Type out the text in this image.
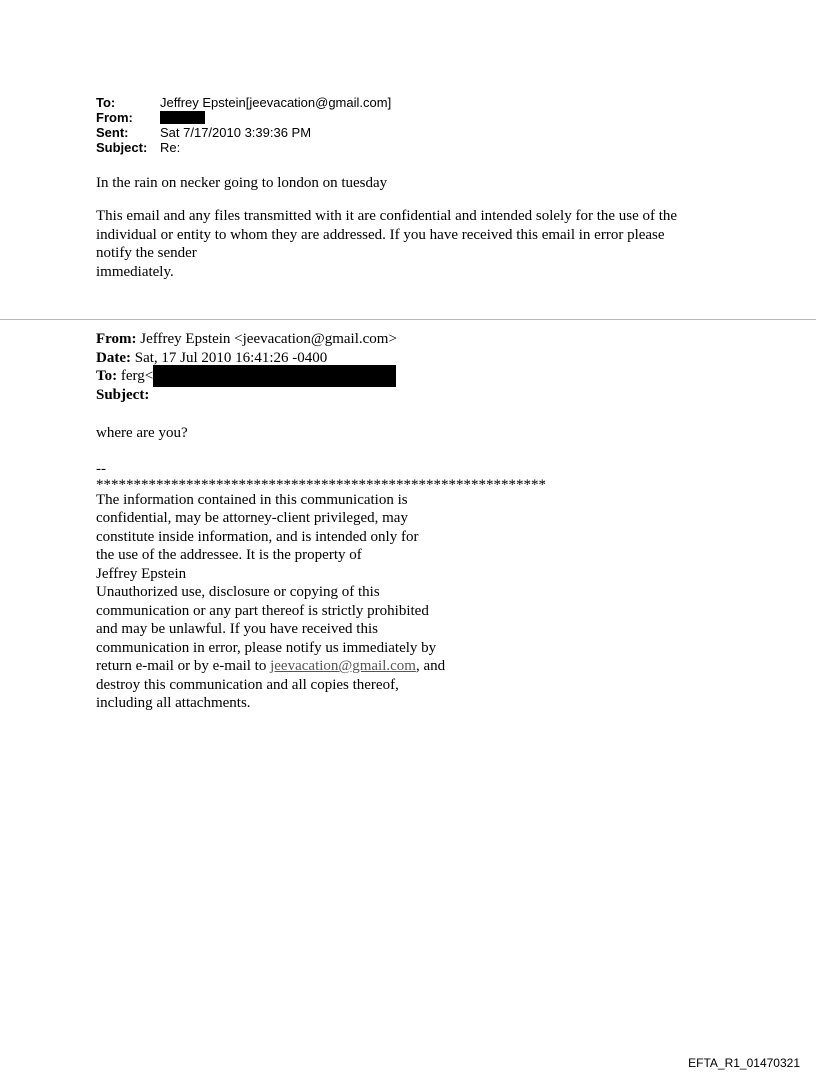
To:	Jeffrey Epstein[jeevacation@gmail.com]
From:
Sent:	Sat 7/17/2010 3:39:36 PM
Subject: Re:
In the rain on necker going to london on tuesday
This email and any files transmitted with it are confidential and intended solely for the use of the
individual or entity to whom they are addressed. If you have received this email in error please
notify the sender
immediately.
From: Jeffrey Epstein <jeevacation@gmail.com>
Date: Sat, 17 Jul 2010 16:41:26 -0400
To: ferg<
Subject:
where are you?
--
************************************************************
The information contained in this communication is
confidential, may be attorney-client privileged, may
constitute inside information, and is intended only for
the use of the addressee. It is the property of
Jeffrey Epstein
Unauthorized use, disclosure or copying of this
communication or any part thereof is strictly prohibited
and may be unlawful. If you have received this
communication in error, please notify us immediately by
return e-mail or by e-mail to jeevacation@gmail.com, and
destroy this communication and all copies thereof,
including all attachments.
EFTA_R1_01470321
